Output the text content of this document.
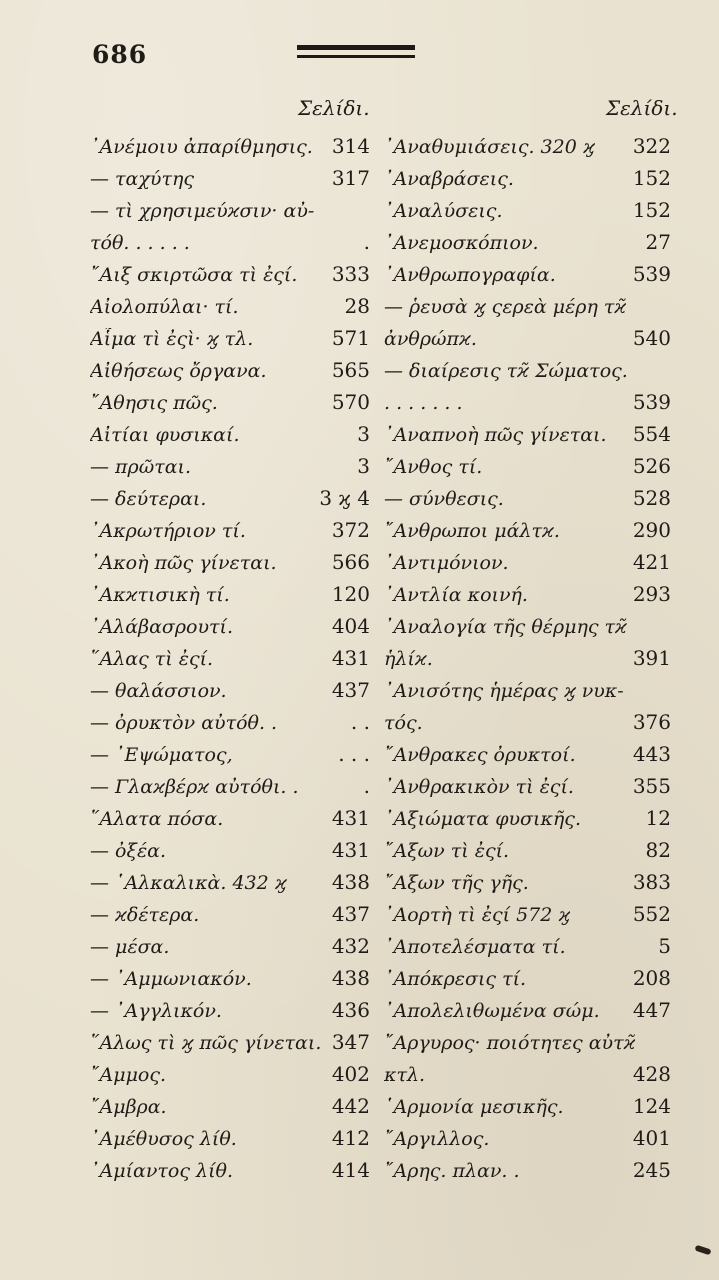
686
Σελίδι.	Σελίδι.
᾿Ανέμοιυ ἀπαρίθμησις. 314
— ταχύτης	317
— τὶ χρησιμεύϰσιν· αὐ-
τόθ. . . . . .	.
῎Αιξ σκιρτῶσα τὶ ἐςί. 333
Αἰολοπύλαι· τί.	28
Αἷμα τὶ ἐςὶ· ϗ τλ.	571
Αἰθήσεως ὄργανα.	565
῎Αθησις πῶς.	570
Αἰτίαι φυσικαί.	3
— πρῶται.	3
— δεύτεραι.	3 ϗ 4
᾿Ακρωτήριον τί.	372
᾿Ακοὴ πῶς γίνεται.	566
᾿Ακϰτισικὴ τί.	120
᾿Αλάβασρουτί.	404
῞Αλας τὶ ἐςί.	431
— θαλάσσιον.	437
— ὀρυκτὸν αὐτόθ. .	. .
— ᾿Εψώματος,	. . .
— Γλαϰβέρϰ αὐτόθι. .	.
῞Αλατα πόσα.	431
— ὀξέα.	431
— ῾Αλκαλικὰ. 432 ϗ 438
— ϰδέτερα.	437
— μέσα.	432
— ᾿Αμμωνιακόν.	438
— ᾿Αγγλικόν.	436
῞Αλως τὶ ϗ πῶς γίνεται. 347
῎Αμμος.	402
῎Αμβρα.	442
᾿Αμέθυσος λίθ.	412
᾿Αμίαντος λίθ.	414
᾿Αναθυμιάσεις. 320 ϗ 322
᾿Αναβράσεις.	152
᾿Αναλύσεις.	152
᾿Ανεμοσκόπιον.	27
᾿Ανθρωπογραφία.	539
— ῥευσὰ ϗ ςερεὰ μέρη τϰ̃
ἀνθρώπϰ.	540
— διαίρεσις τϰ̃ Σώματος.
. . . . . . .	539
᾿Αναπνοὴ πῶς γίνεται. 554
῎Ανθος τί.	526
— σύνθεσις.	528
῎Ανθρωποι μάλτϰ.	290
᾿Αντιμόνιον.	421
᾿Αντλία κοινή.	293
᾿Αναλογία τῆς θέρμης τϰ̃
ἡλίϰ.	391
᾿Ανισότης ἡμέρας ϗ νυκ-
τός.	376
῎Ανθρακες ὀρυκτοί.	443
᾿Ανθρακικὸν τὶ ἐςί.	355
᾿Αξιώματα φυσικῆς.	12
῎Αξων τὶ ἐςί.	82
῎Αξων τῆς γῆς.	383
᾿Αορτὴ τὶ ἐςί 572 ϗ	552
᾿Αποτελέσματα τί.	5
᾿Απόκρεσις τί.	208
᾿Απολελιθωμένα σώμ. 447
῎Αργυρος· ποιότητες αὐτϰ̃
κτλ.	428
῾Αρμονία μεσικῆς.	124
῎Αργιλλος.	401
῎Αρης. πλαν. .	245
